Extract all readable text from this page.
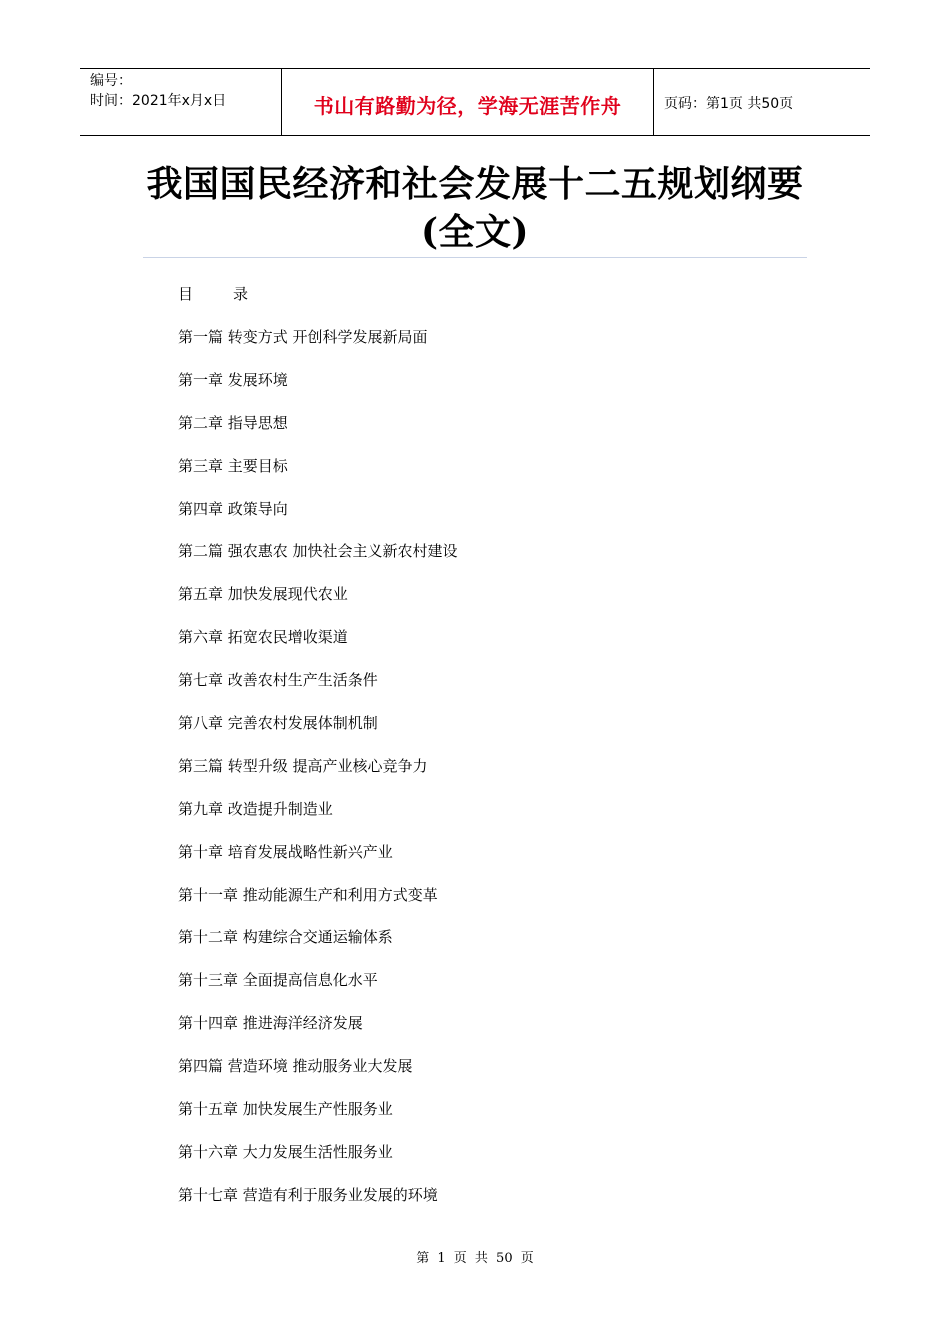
编号：
时间：2021年x月x日	书山有路勤为径，学海无涯苦作舟	页码：第1页 共50页
我国国民经济和社会发展十二五规划纲要(全文)
目	录
第一篇 转变方式 开创科学发展新局面
第一章 发展环境
第二章 指导思想
第三章 主要目标
第四章 政策导向
第二篇 强农惠农 加快社会主义新农村建设
第五章 加快发展现代农业
第六章 拓宽农民增收渠道
第七章 改善农村生产生活条件
第八章 完善农村发展体制机制
第三篇 转型升级 提高产业核心竞争力
第九章 改造提升制造业
第十章 培育发展战略性新兴产业
第十一章 推动能源生产和利用方式变革
第十二章 构建综合交通运输体系
第十三章 全面提高信息化水平
第十四章 推进海洋经济发展
第四篇 营造环境 推动服务业大发展
第十五章 加快发展生产性服务业
第十六章 大力发展生活性服务业
第十七章 营造有利于服务业发展的环境
第 1 页 共 50 页
